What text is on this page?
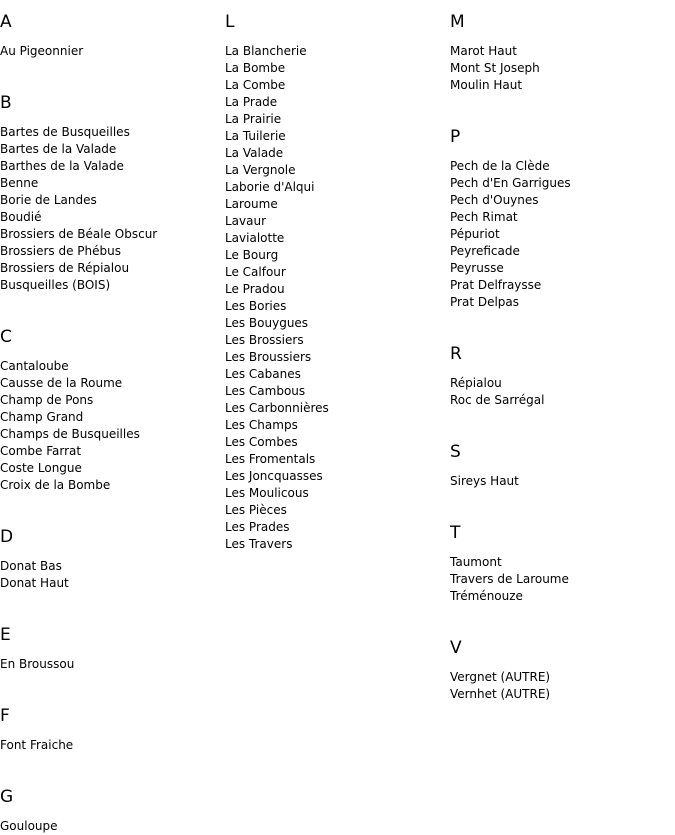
A
Au Pigeonnier
B
Bartes de Busqueilles
Bartes de la Valade
Barthes de la Valade
Benne
Borie de Landes
Boudié
Brossiers de Béale Obscur
Brossiers de Phébus
Brossiers de Répialou
Busqueilles (BOIS)
C
Cantaloube
Causse de la Roume
Champ de Pons
Champ Grand
Champs de Busqueilles
Combe Farrat
Coste Longue
Croix de la Bombe
D
Donat Bas
Donat Haut
E
En Broussou
F
Font Fraiche
G
Gouloupe
L
La Blancherie
La Bombe
La Combe
La Prade
La Prairie
La Tuilerie
La Valade
La Vergnole
Laborie d'Alqui
Laroume
Lavaur
Lavialotte
Le Bourg
Le Calfour
Le Pradou
Les Bories
Les Bouygues
Les Brossiers
Les Broussiers
Les Cabanes
Les Cambous
Les Carbonnières
Les Champs
Les Combes
Les Fromentals
Les Joncquasses
Les Moulicous
Les Pièces
Les Prades
Les Travers
M
Marot Haut
Mont St Joseph
Moulin Haut
P
Pech de la Clède
Pech d'En Garrigues
Pech d'Ouynes
Pech Rimat
Pépuriot
Peyreficade
Peyrusse
Prat Delfraysse
Prat Delpas
R
Répialou
Roc de Sarrégal
S
Sireys Haut
T
Taumont
Travers de Laroume
Tréménouze
V
Vergnet (AUTRE)
Vernhet (AUTRE)
